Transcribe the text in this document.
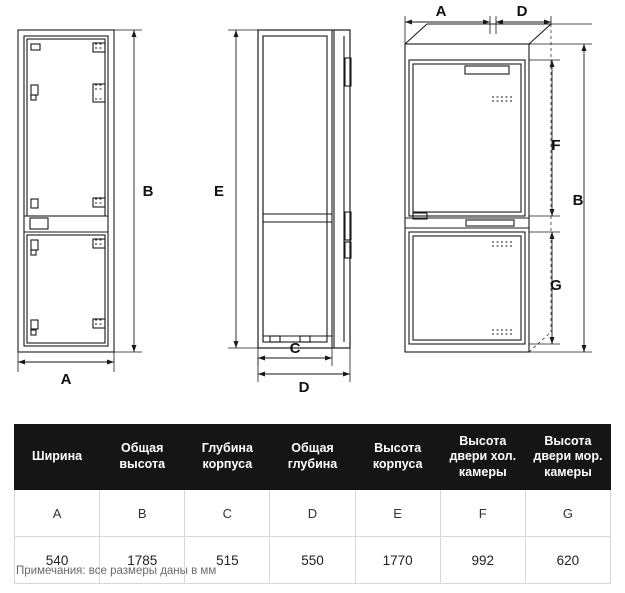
A
B	E
C
D
A	D
F
B
G
Ширина	Общая высота	Глубина корпуса	Общая глубина	Высота корпуса	Высота двери хол. камеры	Высота двери мор. камеры
A	B	C	D	E	F	G
540	1785	515	550	1770	992	620
Примечания: все размеры даны в мм
